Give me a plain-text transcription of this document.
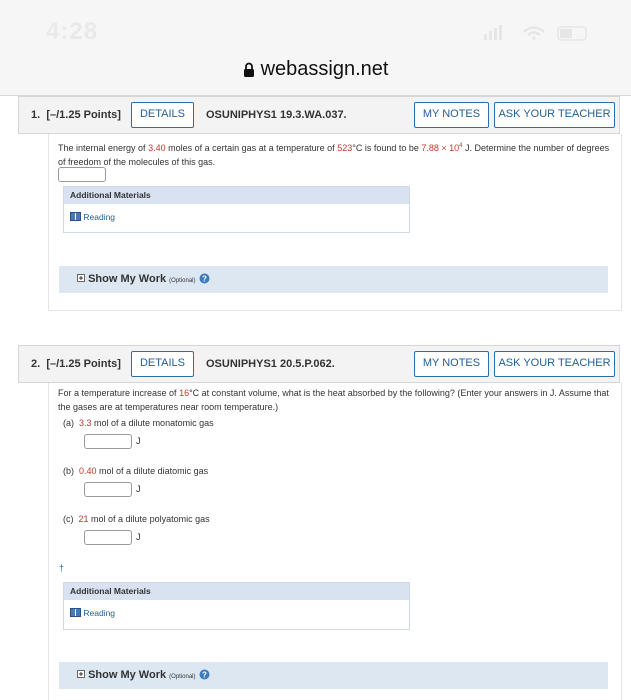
4:28
webassign.net
1. [–/1.25 Points]	DETAILS	OSUNIPHYS1 19.3.WA.037.	MY NOTES	ASK YOUR TEACHER
The internal energy of 3.40 moles of a certain gas at a temperature of 523°C is found to be $7.88 \times 10^4$ J. Determine the number of degrees of freedom of the molecules of this gas.
Additional Materials
Reading
Show My Work (Optional) ?
2. [–/1.25 Points]	DETAILS	OSUNIPHYS1 20.5.P.062.	MY NOTES	ASK YOUR TEACHER
For a temperature increase of 16°C at constant volume, what is the heat absorbed by the following? (Enter your answers in J. Assume that the gases are at temperatures near room temperature.)
(a) 3.3 mol of a dilute monatomic gas
J
(b) 0.40 mol of a dilute diatomic gas
J
(c) 21 mol of a dilute polyatomic gas
J
†
Additional Materials
Reading
Show My Work (Optional) ?
